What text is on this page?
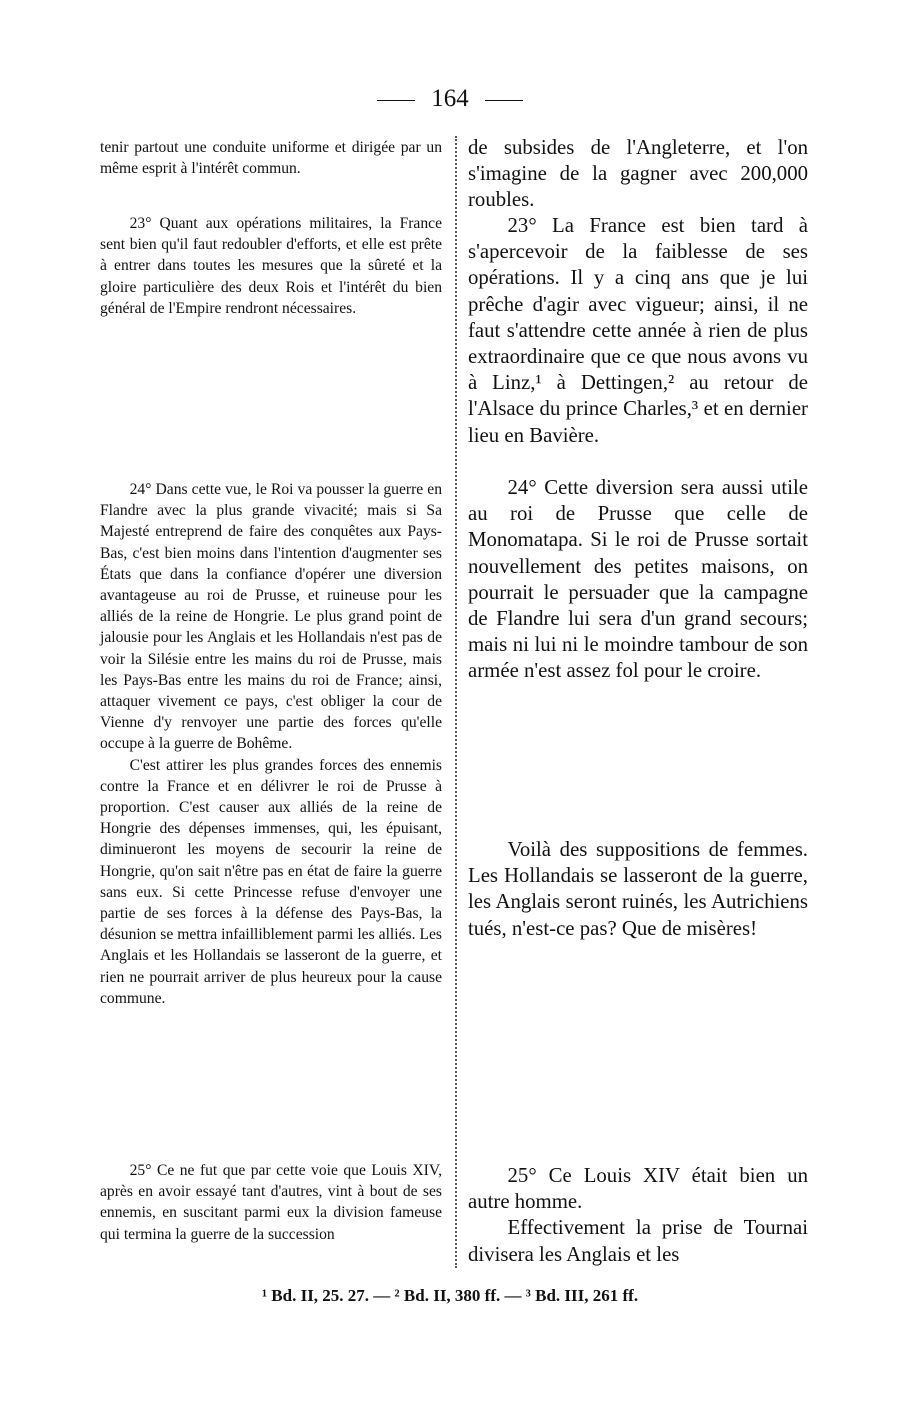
164

tenir partout une conduite uniforme et dirigée par un même esprit à l'intérêt commun.

23° Quant aux opérations militaires, la France sent bien qu'il faut redoubler d'efforts, et elle est prête à entrer dans toutes les mesures que la sûreté et la gloire particulière des deux Rois et l'intérêt du bien général de l'Empire rendront nécessaires.

24° Dans cette vue, le Roi va pousser la guerre en Flandre avec la plus grande vivacité; mais si Sa Majesté entreprend de faire des conquêtes aux Pays-Bas, c'est bien moins dans l'intention d'augmenter ses États que dans la confiance d'opérer une diversion avantageuse au roi de Prusse, et ruineuse pour les alliés de la reine de Hongrie. Le plus grand point de jalousie pour les Anglais et les Hollandais n'est pas de voir la Silésie entre les mains du roi de Prusse, mais les Pays-Bas entre les mains du roi de France; ainsi, attaquer vivement ce pays, c'est obliger la cour de Vienne d'y renvoyer une partie des forces qu'elle occupe à la guerre de Bohême.

C'est attirer les plus grandes forces des ennemis contre la France et en délivrer le roi de Prusse à proportion. C'est causer aux alliés de la reine de Hongrie des dépenses immenses, qui, les épuisant, diminueront les moyens de secourir la reine de Hongrie, qu'on sait n'être pas en état de faire la guerre sans eux. Si cette Princesse refuse d'envoyer une partie de ses forces à la défense des Pays-Bas, la désunion se mettra infailliblement parmi les alliés. Les Anglais et les Hollandais se lasseront de la guerre, et rien ne pourrait arriver de plus heureux pour la cause commune.

25° Ce ne fut que par cette voie que Louis XIV, après en avoir essayé tant d'autres, vint à bout de ses ennemis, en suscitant parmi eux la division fameuse qui termina la guerre de la succession

de subsides de l'Angleterre, et l'on s'imagine de la gagner avec 200,000 roubles.

23° La France est bien tard à s'apercevoir de la faiblesse de ses opérations. Il y a cinq ans que je lui prêche d'agir avec vigueur; ainsi, il ne faut s'attendre cette année à rien de plus extraordinaire que ce que nous avons vu à Linz,¹ à Dettingen,² au retour de l'Alsace du prince Charles,³ et en dernier lieu en Bavière.

24° Cette diversion sera aussi utile au roi de Prusse que celle de Monomatapa. Si le roi de Prusse sortait nouvellement des petites maisons, on pourrait le persuader que la campagne de Flandre lui sera d'un grand secours; mais ni lui ni le moindre tambour de son armée n'est assez fol pour le croire.

Voilà des suppositions de femmes. Les Hollandais se lasseront de la guerre, les Anglais seront ruinés, les Autrichiens tués, n'est-ce pas? Que de misères!

25° Ce Louis XIV était bien un autre homme.

Effectivement la prise de Tournai divisera les Anglais et les

¹ Bd. II, 25. 27. — ² Bd. II, 380 ff. — ³ Bd. III, 261 ff.
